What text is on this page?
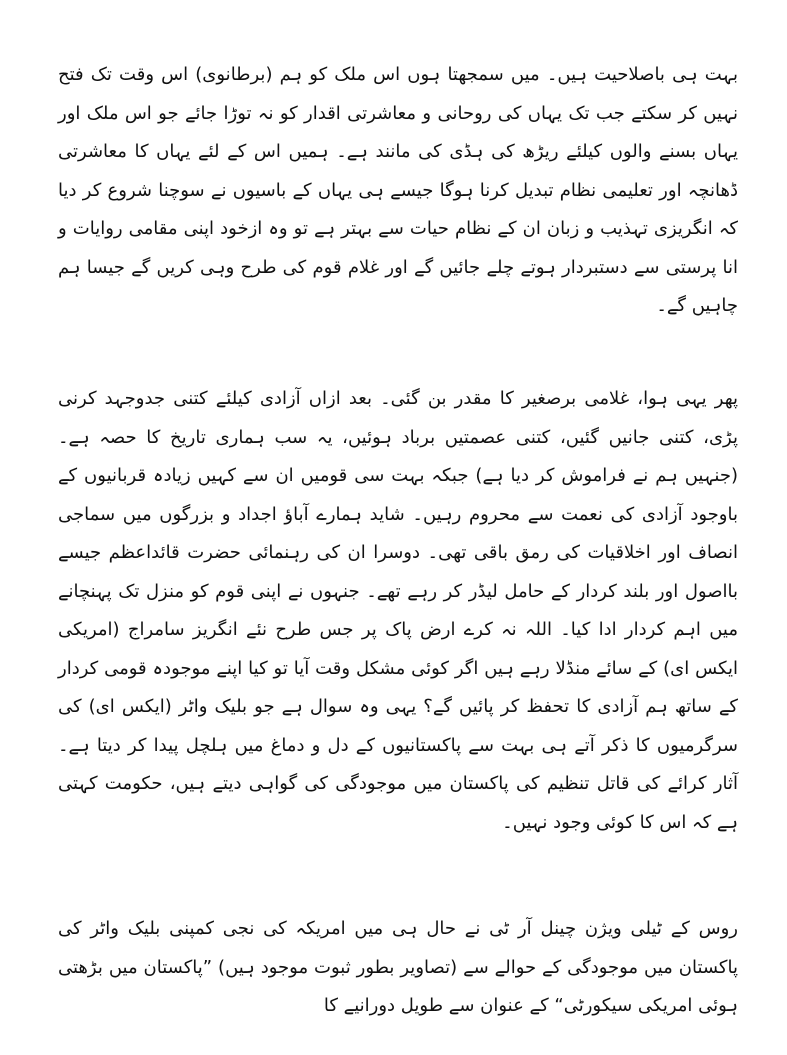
بہت ہی باصلاحیت ہیں۔ میں سمجھتا ہوں اس ملک کو ہم (برطانوی) اس وقت تک فتح نہیں کر سکتے جب تک یہاں کی روحانی و معاشرتی اقدار کو نہ توڑا جائے جو اس ملک اور یہاں بسنے والوں کیلئے ریڑھ کی ہڈی کی مانند ہے۔ ہمیں اس کے لئے یہاں کا معاشرتی ڈھانچہ اور تعلیمی نظام تبدیل کرنا ہوگا جیسے ہی یہاں کے باسیوں نے سوچنا شروع کر دیا کہ انگریزی تہذیب و زبان ان کے نظام حیات سے بہتر ہے تو وہ ازخود اپنی مقامی روایات و انا پرستی سے دستبردار ہوتے چلے جائیں گے اور غلام قوم کی طرح وہی کریں گے جیسا ہم چاہیں گے۔

پھر یہی ہوا، غلامی برصغیر کا مقدر بن گئی۔ بعد ازاں آزادی کیلئے کتنی جدوجہد کرنی پڑی، کتنی جانیں گئیں، کتنی عصمتیں برباد ہوئیں، یہ سب ہماری تاریخ کا حصہ ہے۔ (جنہیں ہم نے فراموش کر دیا ہے) جبکہ بہت سی قومیں ان سے کہیں زیادہ قربانیوں کے باوجود آزادی کی نعمت سے محروم رہیں۔ شاید ہمارے آباؤ اجداد و بزرگوں میں سماجی انصاف اور اخلاقیات کی رمق باقی تھی۔ دوسرا ان کی رہنمائی حضرت قائداعظم جیسے بااصول اور بلند کردار کے حامل لیڈر کر رہے تھے۔ جنہوں نے اپنی قوم کو منزل تک پہنچانے میں اہم کردار ادا کیا۔ اللہ نہ کرے ارض پاک پر جس طرح نئے انگریز سامراج (امریکی ایکس ای) کے سائے منڈلا رہے ہیں اگر کوئی مشکل وقت آیا تو کیا اپنے موجودہ قومی کردار کے ساتھ ہم آزادی کا تحفظ کر پائیں گے؟ یہی وہ سوال ہے جو بلیک واٹر (ایکس ای) کی سرگرمیوں کا ذکر آتے ہی بہت سے پاکستانیوں کے دل و دماغ میں ہلچل پیدا کر دیتا ہے۔ آثار کرائے کی قاتل تنظیم کی پاکستان میں موجودگی کی گواہی دیتے ہیں، حکومت کہتی ہے کہ اس کا کوئی وجود نہیں۔

روس کے ٹیلی ویژن چینل آر ٹی نے حال ہی میں امریکہ کی نجی کمپنی بلیک واٹر کی پاکستان میں موجودگی کے حوالے سے (تصاویر بطور ثبوت موجود ہیں) ”پاکستان میں بڑھتی ہوئی امریکی سیکورٹی“ کے عنوان سے طویل دورانیے کا
